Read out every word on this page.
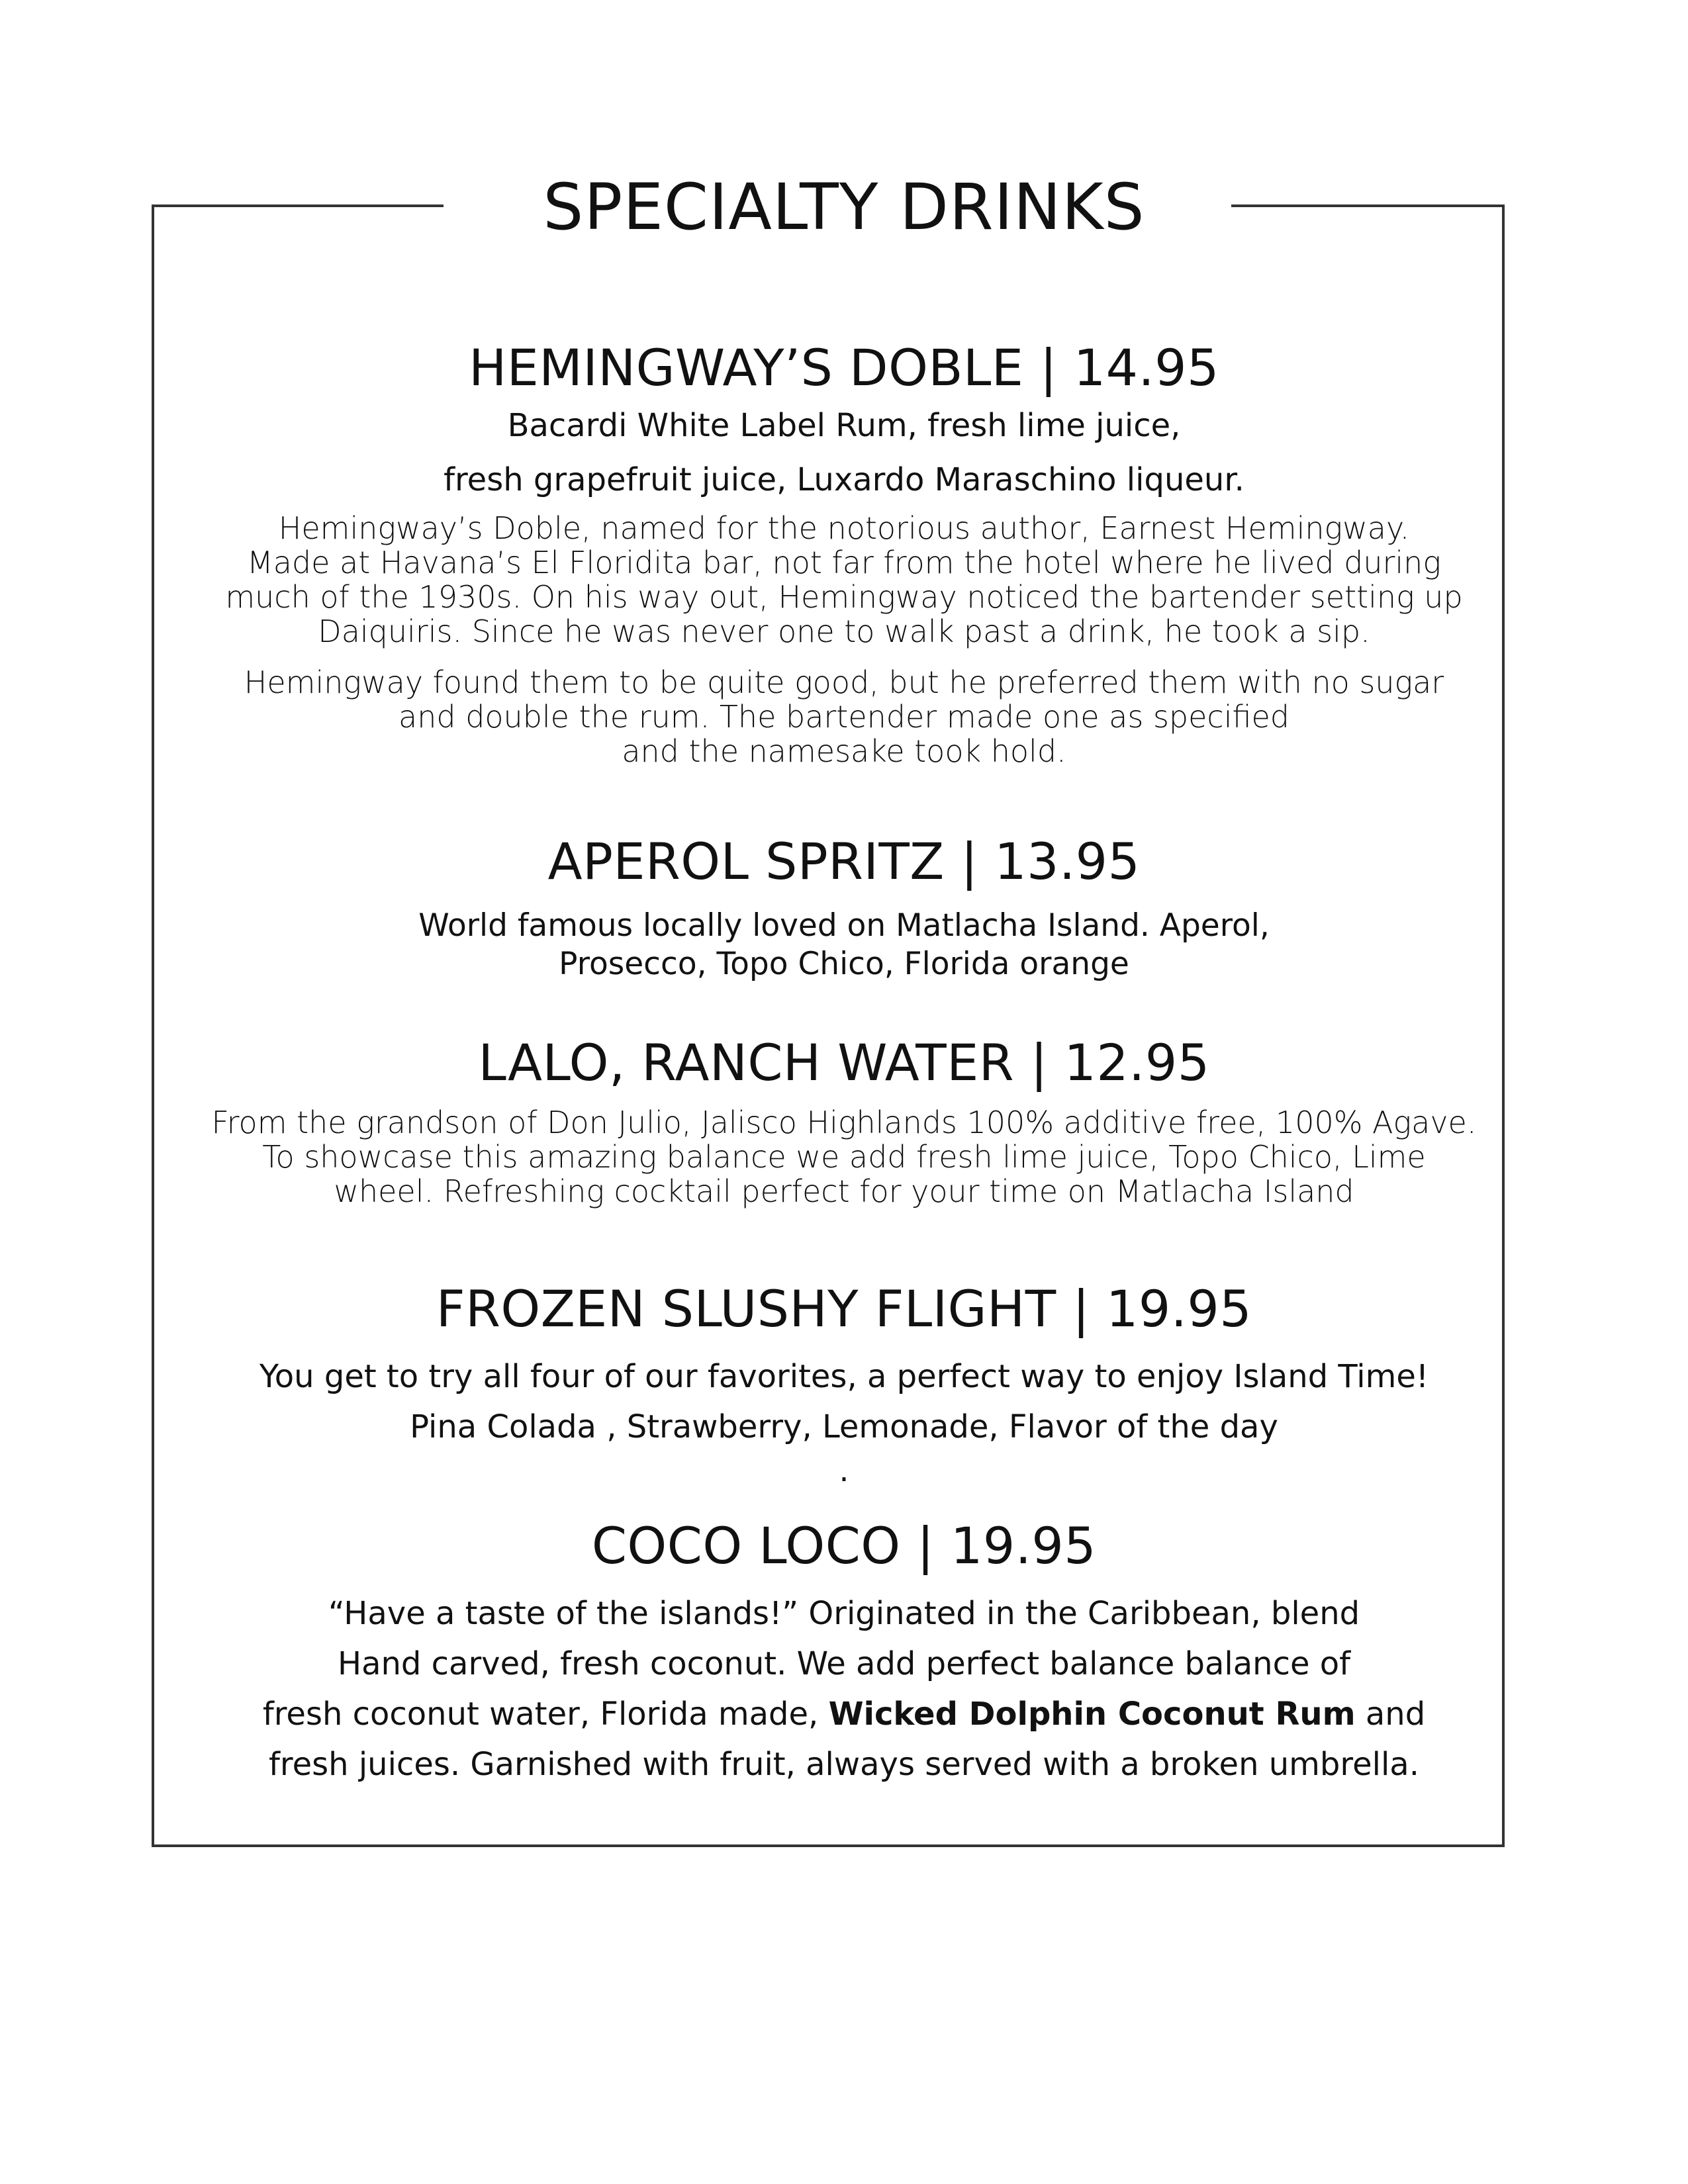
SPECIALTY DRINKS
HEMINGWAY’S DOBLE | 14.95
Bacardi White Label Rum, fresh lime juice,
fresh grapefruit juice, Luxardo Maraschino liqueur.
Hemingway’s Doble, named for the notorious author, Earnest Hemingway.
Made at Havana’s El Floridita bar, not far from the hotel where he lived during
much of the 1930s. On his way out, Hemingway noticed the bartender setting up
Daiquiris. Since he was never one to walk past a drink, he took a sip.
Hemingway found them to be quite good, but he preferred them with no sugar
and double the rum. The bartender made one as specified
and the namesake took hold.
APEROL SPRITZ | 13.95
World famous locally loved on Matlacha Island. Aperol,
Prosecco, Topo Chico, Florida orange
LALO, RANCH WATER | 12.95
From the grandson of Don Julio, Jalisco Highlands 100% additive free, 100% Agave.
To showcase this amazing balance we add fresh lime juice, Topo Chico, Lime
wheel. Refreshing cocktail perfect for your time on Matlacha Island
FROZEN SLUSHY FLIGHT | 19.95
You get to try all four of our favorites, a perfect way to enjoy Island Time!
Pina Colada , Strawberry, Lemonade, Flavor of the day
.
COCO LOCO | 19.95
“Have a taste of the islands!” Originated in the Caribbean, blend
Hand carved, fresh coconut. We add perfect balance balance of
fresh coconut water, Florida made, Wicked Dolphin Coconut Rum and
fresh juices. Garnished with fruit, always served with a broken umbrella.
